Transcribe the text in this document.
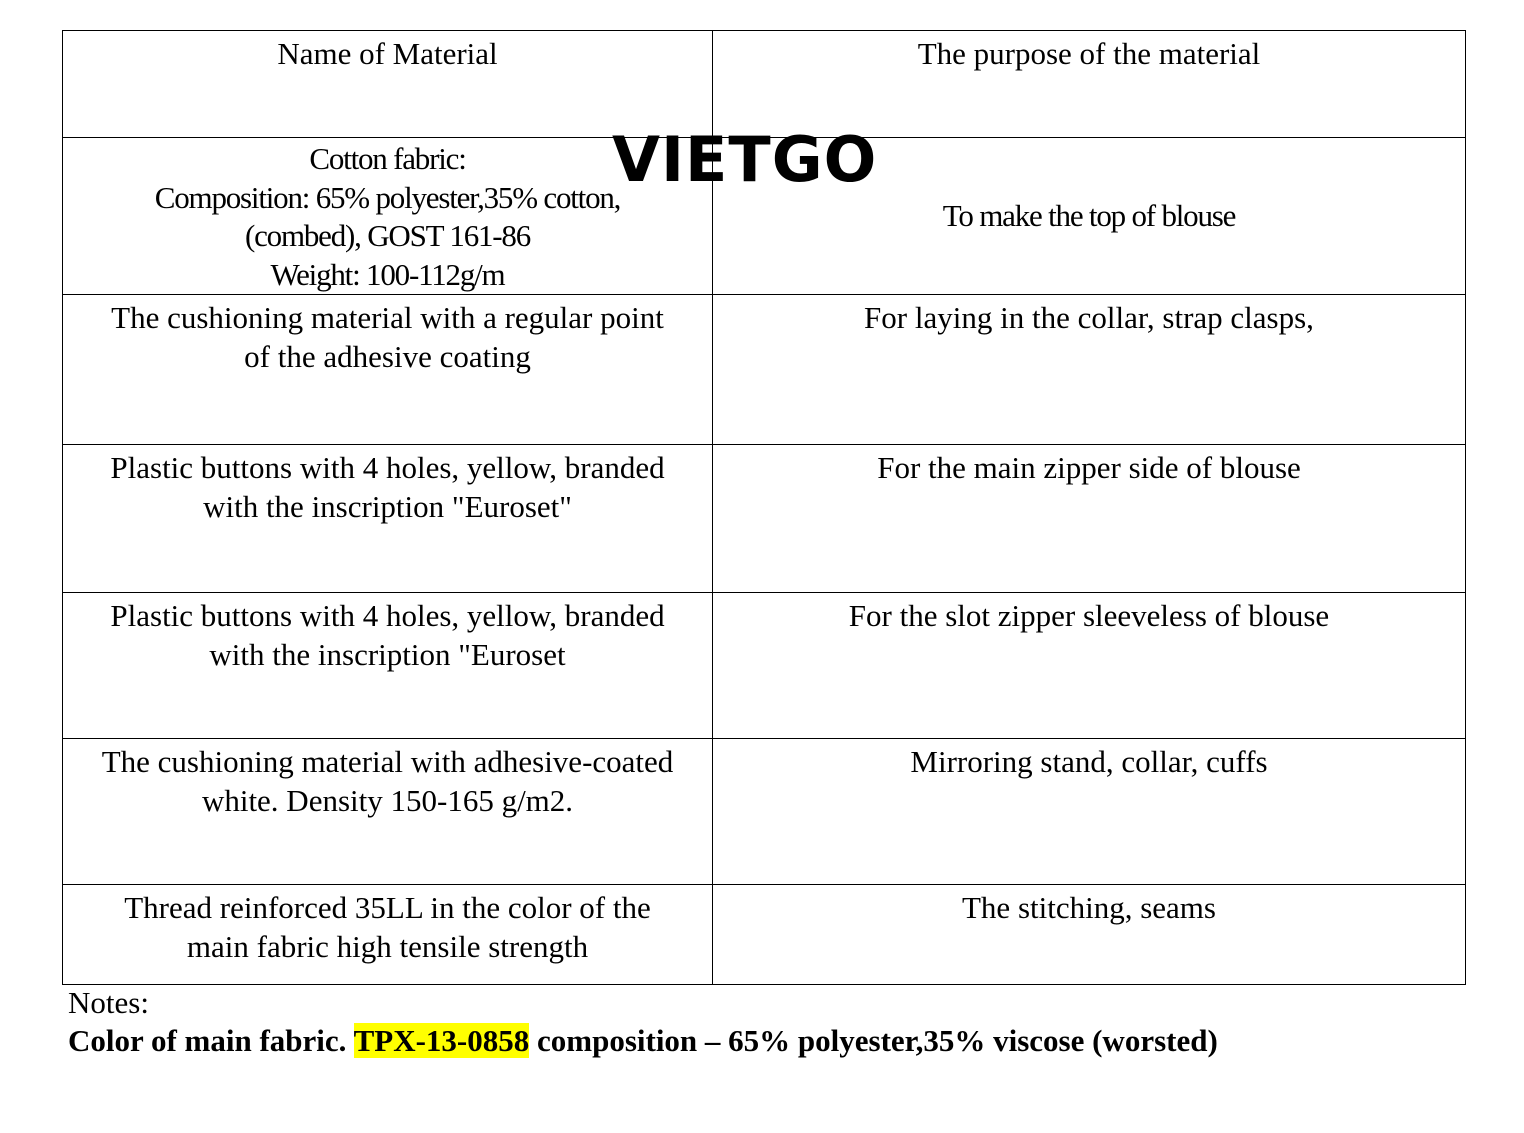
Name of Material	The purpose of the material

Cotton fabric:
Composition: 65% polyester,35% cotton,
(combed), GOST 161-86
Weight: 100-112g/m	To make the top of blouse

The cushioning material with a regular point
of the adhesive coating	For laying in the collar, strap clasps,

Plastic buttons with 4 holes, yellow, branded
with the inscription "Euroset"	For the main zipper side of blouse

Plastic buttons with 4 holes, yellow, branded
with the inscription "Euroset	For the slot zipper sleeveless of blouse

The cushioning material with adhesive-coated
white. Density 150-165 g/m2.	Mirroring stand, collar, cuffs

Thread reinforced 35LL in the color of the
main fabric high tensile strength	The stitching, seams
VIETGO
Notes:
Color of main fabric. TPX-13-0858 composition – 65% polyester,35% viscose (worsted)
